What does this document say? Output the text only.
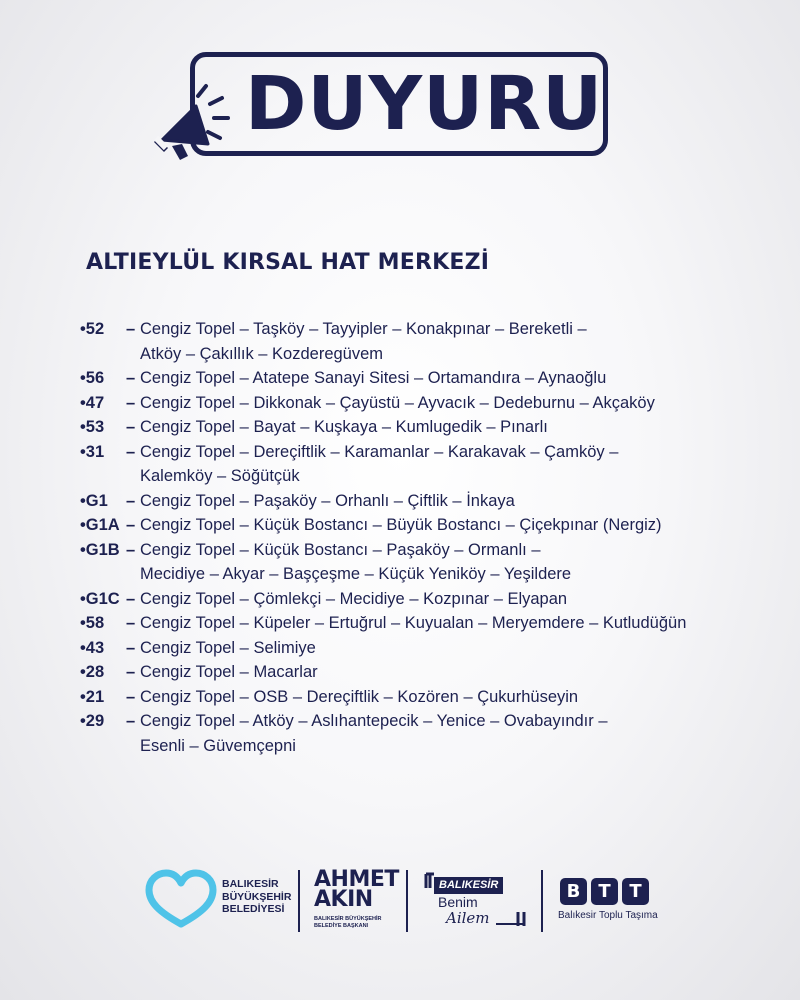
DUYURU
ALTIEYLÜL KIRSAL HAT MERKEZİ
•52	– Cengiz Topel – Taşköy – Tayyipler – Konakpınar – Bereketli –
Atköy – Çakıllık – Kozderegüvem
•56	– Cengiz Topel – Atatepe Sanayi Sitesi – Ortamandıra – Aynaoğlu
•47	– Cengiz Topel – Dikkonak – Çayüstü – Ayvacık – Dedeburnu – Akçaköy
•53	– Cengiz Topel – Bayat – Kuşkaya – Kumlugedik – Pınarlı
•31	– Cengiz Topel – Dereçiftlik – Karamanlar – Karakavak – Çamköy –
Kalemköy – Söğütçük
•G1	– Cengiz Topel – Paşaköy – Orhanlı – Çiftlik – İnkaya
•G1A – Cengiz Topel – Küçük Bostancı – Büyük Bostancı – Çiçekpınar (Nergiz)
•G1B – Cengiz Topel – Küçük Bostancı – Paşaköy – Ormanlı –
Mecidiye – Akyar – Başçeşme – Küçük Yeniköy – Yeşildere
•G1C – Cengiz Topel – Çömlekçi – Mecidiye – Kozpınar – Elyapan
•58	– Cengiz Topel – Küpeler – Ertuğrul – Kuyualan – Meryemdere – Kutludüğün
•43	– Cengiz Topel – Selimiye
•28	– Cengiz Topel – Macarlar
•21	– Cengiz Topel – OSB – Dereçiftlik – Kozören – Çukurhüseyin
•29	– Cengiz Topel – Atköy – Aslıhantepecik – Yenice – Ovabayındır –
Esenli – Güvemçepni
BALIKESİR
BÜYÜKŞEHİR
BELEDİYESİ
AHMET
AKIN
BALIKESİR BÜYÜKŞEHİR BELEDİYE BAŞKANI
BALIKESİR
Benim
Ailem
B	T	T
Balıkesir Toplu Taşıma
